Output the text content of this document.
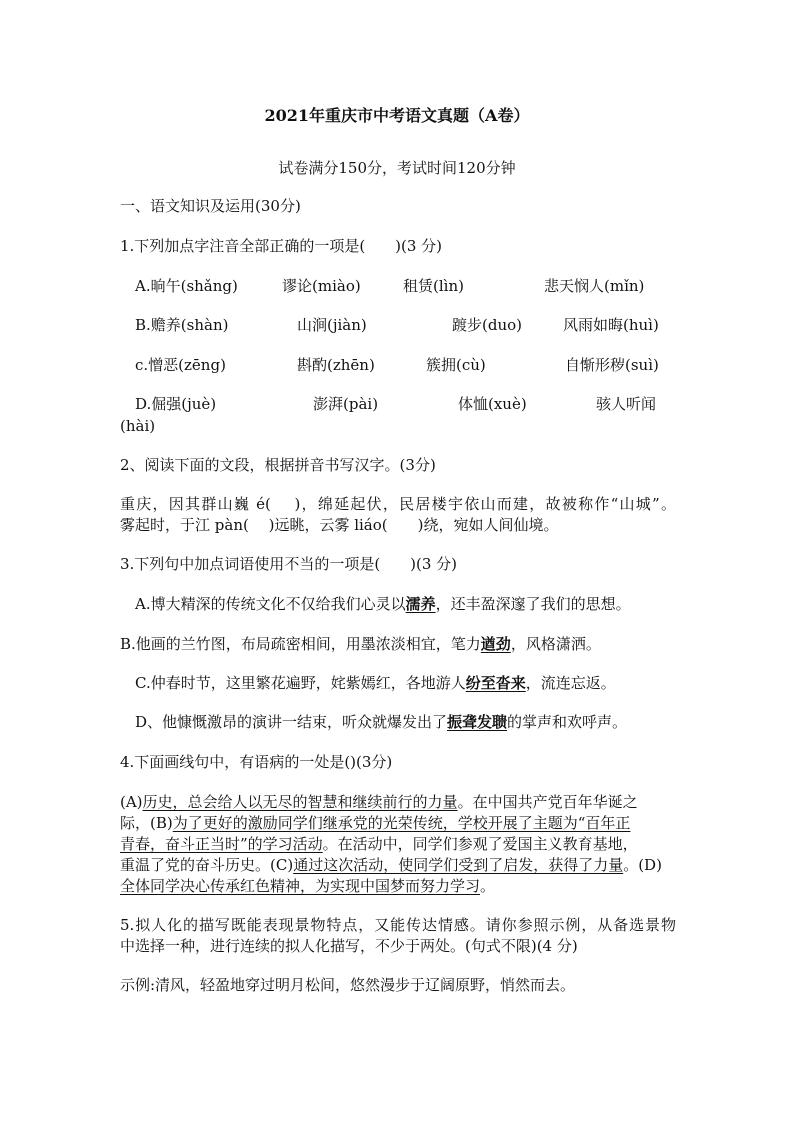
2021年重庆市中考语文真题（A卷）
试卷满分150分，考试时间120分钟
一、语文知识及运用(30分)
1.下列加点字注音全部正确的一项是(　　)(3 分)
A.晌午(shǎng)	谬论(miào)	租赁(lìn)	悲天悯人(mǐn)
B.赡养(shàn)	山涧(jiàn)	踱步(duo)	风雨如晦(huì)
c.憎恶(zēng)	斟酌(zhēn)	簇拥(cù)	自惭形秽(suì)
D.倔强(juè)	澎湃(pài)	体恤(xuè)	骇人听闻
(hài)
2、阅读下面的文段，根据拼音书写汉字。(3分)
重庆，因其群山巍 é(　 )，绵延起伏，民居楼宇依山而建，故被称作“山城”。
雾起时，于江 pàn(　 )远眺，云雾 liáo(　　)绕，宛如人间仙境。
3.下列句中加点词语使用不当的一项是(　　)(3 分)
A.博大精深的传统文化不仅给我们心灵以濡养，还丰盈深邃了我们的思想。
B.他画的兰竹图，布局疏密相间，用墨浓淡相宜，笔力遒劲，风格潇洒。
C.仲春时节，这里繁花遍野，姹紫嫣红，各地游人纷至沓来，流连忘返。
D、他慷慨激昂的演讲一结束，听众就爆发出了振聋发聩的掌声和欢呼声。
4.下面画线句中，有语病的一处是()(3分)
(A)历史，总会给人以无尽的智慧和继续前行的力量。在中国共产党百年华诞之
际，(B)为了更好的激励同学们继承党的光荣传统，学校开展了主题为“百年正
青春，奋斗正当时”的学习活动。在活动中，同学们参观了爱国主义教育基地，
重温了党的奋斗历史。(C)通过这次活动，使同学们受到了启发，获得了力量。(D)
全体同学决心传承红色精神，为实现中国梦而努力学习。
5.拟人化的描写既能表现景物特点，又能传达情感。请你参照示例，从备选景物
中选择一种，进行连续的拟人化描写，不少于两处。(句式不限)(4 分)
示例:清风，轻盈地穿过明月松间，悠然漫步于辽阔原野，悄然而去。
